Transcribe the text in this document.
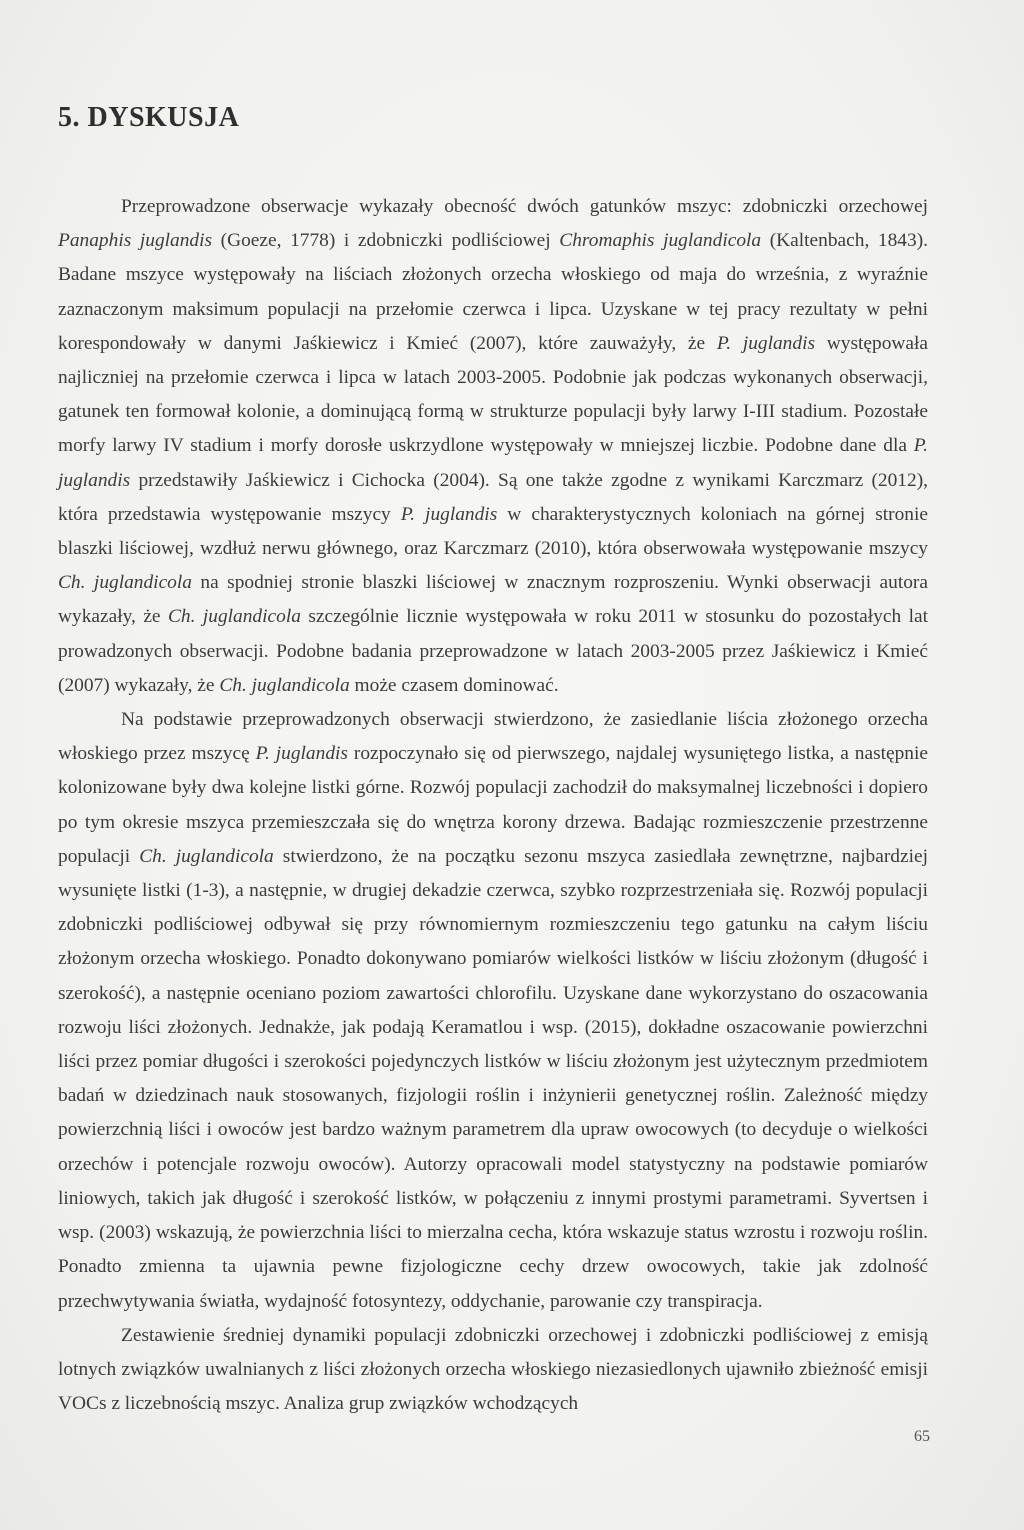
5. DYSKUSJA

Przeprowadzone obserwacje wykazały obecność dwóch gatunków mszyc: zdobniczki orzechowej Panaphis juglandis (Goeze, 1778) i zdobniczki podliściowej Chromaphis juglandicola (Kaltenbach, 1843). Badane mszyce występowały na liściach złożonych orzecha włoskiego od maja do września, z wyraźnie zaznaczonym maksimum populacji na przełomie czerwca i lipca. Uzyskane w tej pracy rezultaty w pełni korespondowały w danymi Jaśkiewicz i Kmieć (2007), które zauważyły, że P. juglandis występowała najliczniej na przełomie czerwca i lipca w latach 2003-2005. Podobnie jak podczas wykonanych obserwacji, gatunek ten formował kolonie, a dominującą formą w strukturze populacji były larwy I-III stadium. Pozostałe morfy larwy IV stadium i morfy dorosłe uskrzydlone występowały w mniejszej liczbie. Podobne dane dla P. juglandis przedstawiły Jaśkiewicz i Cichocka (2004). Są one także zgodne z wynikami Karczmarz (2012), która przedstawia występowanie mszycy P. juglandis w charakterystycznych koloniach na górnej stronie blaszki liściowej, wzdłuż nerwu głównego, oraz Karczmarz (2010), która obserwowała występowanie mszycy Ch. juglandicola na spodniej stronie blaszki liściowej w znacznym rozproszeniu. Wynki obserwacji autora wykazały, że Ch. juglandicola szczególnie licznie występowała w roku 2011 w stosunku do pozostałych lat prowadzonych obserwacji. Podobne badania przeprowadzone w latach 2003-2005 przez Jaśkiewicz i Kmieć (2007) wykazały, że Ch. juglandicola może czasem dominować.

Na podstawie przeprowadzonych obserwacji stwierdzono, że zasiedlanie liścia złożonego orzecha włoskiego przez mszycę P. juglandis rozpoczynało się od pierwszego, najdalej wysuniętego listka, a następnie kolonizowane były dwa kolejne listki górne. Rozwój populacji zachodził do maksymalnej liczebności i dopiero po tym okresie mszyca przemieszczała się do wnętrza korony drzewa. Badając rozmieszczenie przestrzenne populacji Ch. juglandicola stwierdzono, że na początku sezonu mszyca zasiedlała zewnętrzne, najbardziej wysunięte listki (1-3), a następnie, w drugiej dekadzie czerwca, szybko rozprzestrzeniała się. Rozwój populacji zdobniczki podliściowej odbywał się przy równomiernym rozmieszczeniu tego gatunku na całym liściu złożonym orzecha włoskiego. Ponadto dokonywano pomiarów wielkości listków w liściu złożonym (długość i szerokość), a następnie oceniano poziom zawartości chlorofilu. Uzyskane dane wykorzystano do oszacowania rozwoju liści złożonych. Jednakże, jak podają Keramatlou i wsp. (2015), dokładne oszacowanie powierzchni liści przez pomiar długości i szerokości pojedynczych listków w liściu złożonym jest użytecznym przedmiotem badań w dziedzinach nauk stosowanych, fizjologii roślin i inżynierii genetycznej roślin. Zależność między powierzchnią liści i owoców jest bardzo ważnym parametrem dla upraw owocowych (to decyduje o wielkości orzechów i potencjale rozwoju owoców). Autorzy opracowali model statystyczny na podstawie pomiarów liniowych, takich jak długość i szerokość listków, w połączeniu z innymi prostymi parametrami. Syvertsen i wsp. (2003) wskazują, że powierzchnia liści to mierzalna cecha, która wskazuje status wzrostu i rozwoju roślin. Ponadto zmienna ta ujawnia pewne fizjologiczne cechy drzew owocowych, takie jak zdolność przechwytywania światła, wydajność fotosyntezy, oddychanie, parowanie czy transpiracja.

Zestawienie średniej dynamiki populacji zdobniczki orzechowej i zdobniczki podliściowej z emisją lotnych związków uwalnianych z liści złożonych orzecha włoskiego niezasiedlonych ujawniło zbieżność emisji VOCs z liczebnością mszyc. Analiza grup związków wchodzących

65
